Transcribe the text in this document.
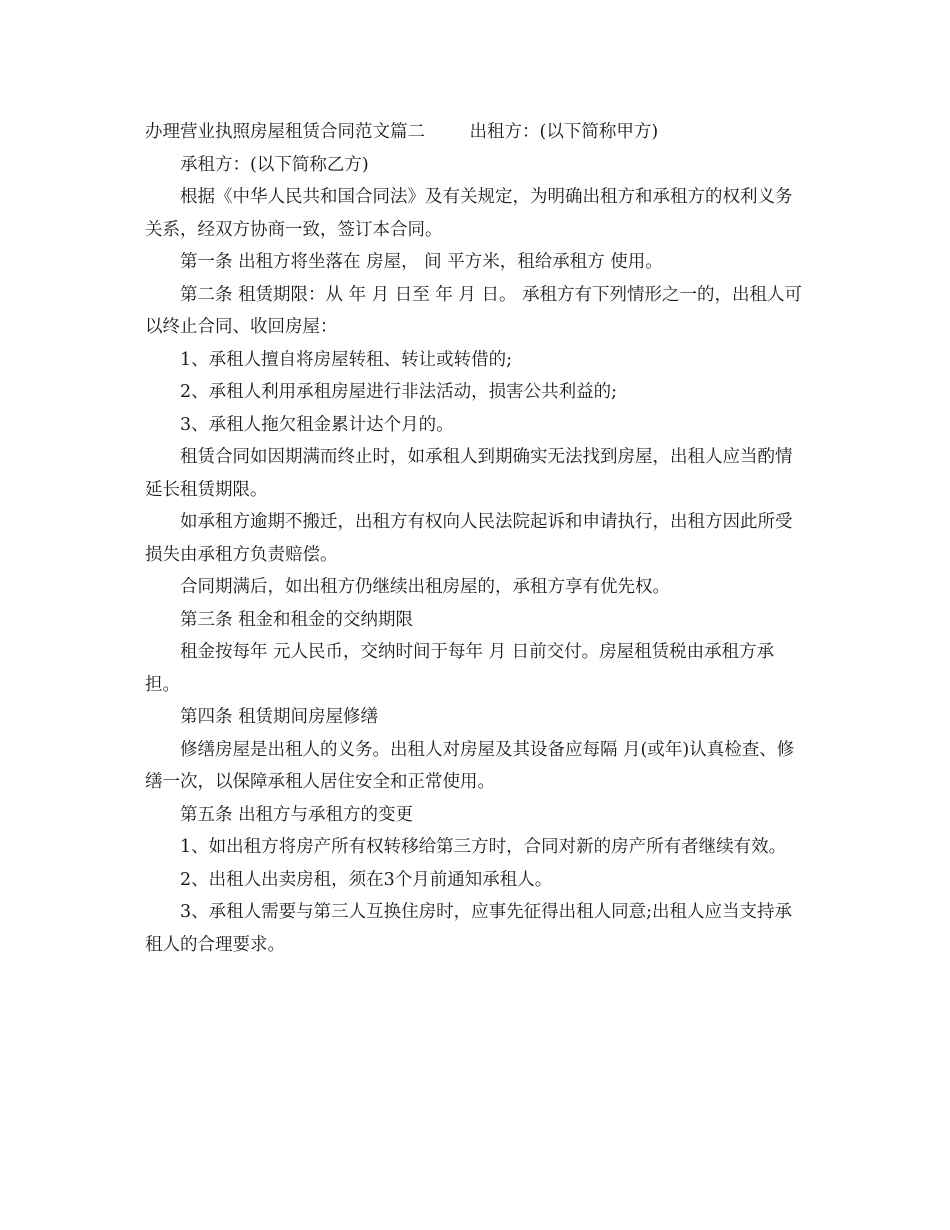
办理营业执照房屋租赁合同范文篇二        出租方：(以下简称甲方)

承租方：(以下简称乙方)

根据《中华人民共和国合同法》及有关规定，为明确出租方和承租方的权利义务关系，经双方协商一致，签订本合同。

第一条 出租方将坐落在 房屋， 间 平方米，租给承租方 使用。

第二条 租赁期限：从 年 月 日至 年 月 日。 承租方有下列情形之一的，出租人可以终止合同、收回房屋：

1、承租人擅自将房屋转租、转让或转借的;

2、承租人利用承租房屋进行非法活动，损害公共利益的;

3、承租人拖欠租金累计达个月的。

租赁合同如因期满而终止时，如承租人到期确实无法找到房屋，出租人应当酌情延长租赁期限。

如承租方逾期不搬迁，出租方有权向人民法院起诉和申请执行，出租方因此所受损失由承租方负责赔偿。

合同期满后，如出租方仍继续出租房屋的，承租方享有优先权。

第三条 租金和租金的交纳期限

租金按每年 元人民币，交纳时间于每年 月 日前交付。房屋租赁税由承租方承担。

第四条 租赁期间房屋修缮

修缮房屋是出租人的义务。出租人对房屋及其设备应每隔 月(或年)认真检查、修缮一次，以保障承租人居住安全和正常使用。

第五条 出租方与承租方的变更

1、如出租方将房产所有权转移给第三方时，合同对新的房产所有者继续有效。

2、出租人出卖房租，须在3个月前通知承租人。

3、承租人需要与第三人互换住房时，应事先征得出租人同意;出租人应当支持承租人的合理要求。
